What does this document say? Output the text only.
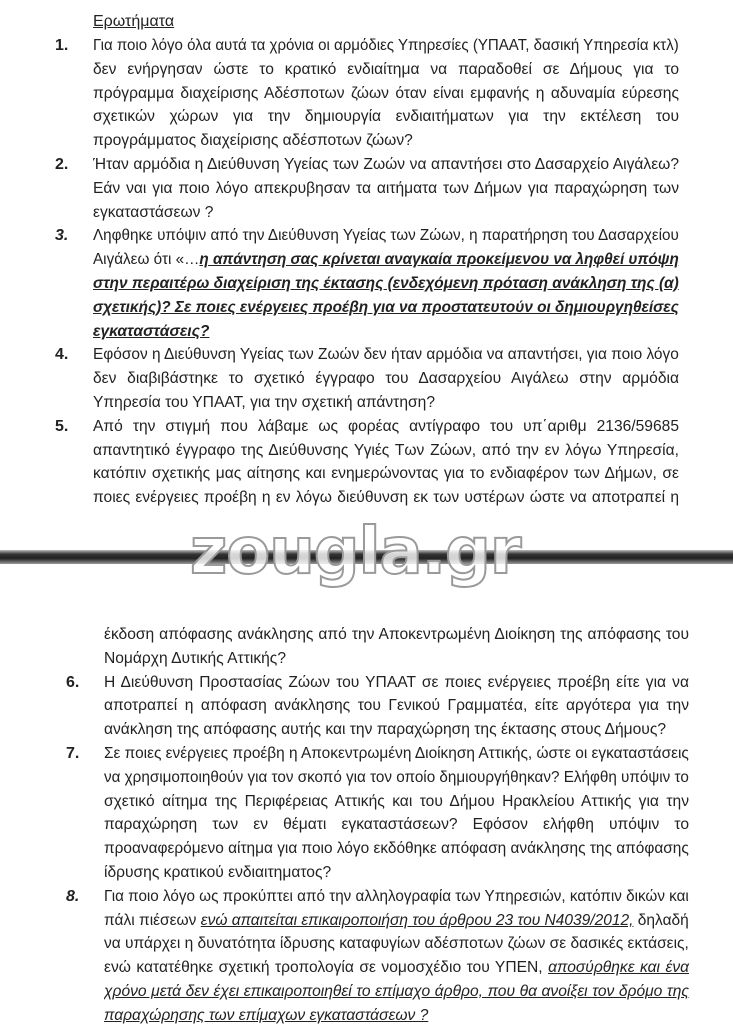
Ερωτήματα
1. Για ποιο λόγο όλα αυτά τα χρόνια οι αρμόδιες Υπηρεσίες (ΥΠΑΑΤ, δασική Υπηρεσία κτλ)
δεν ενήργησαν ώστε το κρατικό ενδιαίτημα να παραδοθεί σε Δήμους για το
πρόγραμμα διαχείρισης Αδέσποτων ζώων όταν είναι εμφανής η αδυναμία εύρεσης
σχετικών χώρων για την δημιουργία ενδιαιτήματων για την εκτέλεση του
προγράμματος διαχείρισης αδέσποτων ζώων?
2. Ήταν αρμόδια η Διεύθυνση Υγείας των Ζωών να απαντήσει στο Δασαρχείο Αιγάλεω?
Εάν ναι για ποιο λόγο απεκρυβησαν τα αιτήματα των Δήμων για παραχώρηση των
εγκαταστάσεων ?
3. Ληφθηκε υπόψιν από την Διεύθυνση Υγείας των Ζώων, η παρατήρηση του Δασαρχείου
Αιγάλεω ότι «…η απάντηση σας κρίνεται αναγκαία προκείμενου να ληφθεί υπόψη
στην περαιτέρω διαχείριση της έκτασης (ενδεχόμενη πρόταση ανάκληση της (α)
σχετικής)? Σε ποιες ενέργειες προέβη για να προστατευτούν οι δημιουργηθείσες
εγκαταστάσεις?
4. Εφόσον η Διεύθυνση Υγείας των Ζωών δεν ήταν αρμόδια να απαντήσει, για ποιο λόγο
δεν διαβιβάστηκε το σχετικό έγγραφο του Δασαρχείου Αιγάλεω στην αρμόδια
Υπηρεσία του ΥΠΑΑΤ, για την σχετική απάντηση?
5. Από την στιγμή που λάβαμε ως φορέας αντίγραφο του υπ΄αριθμ 2136/59685
απαντητικό έγγραφο της Διεύθυνσης Υγιές Των Ζώων, από την εν λόγω Υπηρεσία,
κατόπιν σχετικής μας αίτησης και ενημερώνοντας για το ενδιαφέρον των Δήμων, σε
ποιες ενέργειες προέβη η εν λόγω διεύθυνση εκ των υστέρων ώστε να αποτραπεί η
zougla.gr
έκδοση απόφασης ανάκλησης από την Αποκεντρωμένη Διοίκηση της απόφασης του
Νομάρχη Δυτικής Αττικής?
6. Η Διεύθυνση Προστασίας Ζώων του ΥΠΑΑΤ σε ποιες ενέργειες προέβη είτε για να
αποτραπεί η απόφαση ανάκλησης του Γενικού Γραμματέα, είτε αργότερα για την
ανάκληση της απόφασης αυτής και την παραχώρηση της έκτασης στους Δήμους?
7. Σε ποιες ενέργειες προέβη η Αποκεντρωμένη Διοίκηση Αττικής, ώστε οι εγκαταστάσεις
να χρησιμοποιηθούν για τον σκοπό για τον οποίο δημιουργήθηκαν? Ελήφθη υπόψιν το
σχετικό αίτημα της Περιφέρειας Αττικής και του Δήμου Ηρακλείου Αττικής για την
παραχώρηση των εν θέματι εγκαταστάσεων? Εφόσον ελήφθη υπόψιν το
προαναφερόμενο αίτημα για ποιο λόγο εκδόθηκε απόφαση ανάκλησης της απόφασης
ίδρυσης κρατικού ενδιαιτηματος?
8. Για ποιο λόγο ως προκύπτει από την αλληλογραφία των Υπηρεσιών, κατόπιν δικών και
πάλι πιέσεων ενώ απαιτείται επικαιροποιήση του άρθρου 23 του Ν4039/2012, δηλαδή
να υπάρχει η δυνατότητα ίδρυσης καταφυγίων αδέσποτων ζώων σε δασικές εκτάσεις,
ενώ κατατέθηκε σχετική τροπολογία σε νομοσχέδιο του ΥΠΕΝ, αποσύρθηκε και ένα
χρόνο μετά δεν έχει επικαιροποιηθεί το επίμαχο άρθρο, που θα ανοίξει τον δρόμο της
παραχώρησης των επίμαχων εγκαταστάσεων ?
